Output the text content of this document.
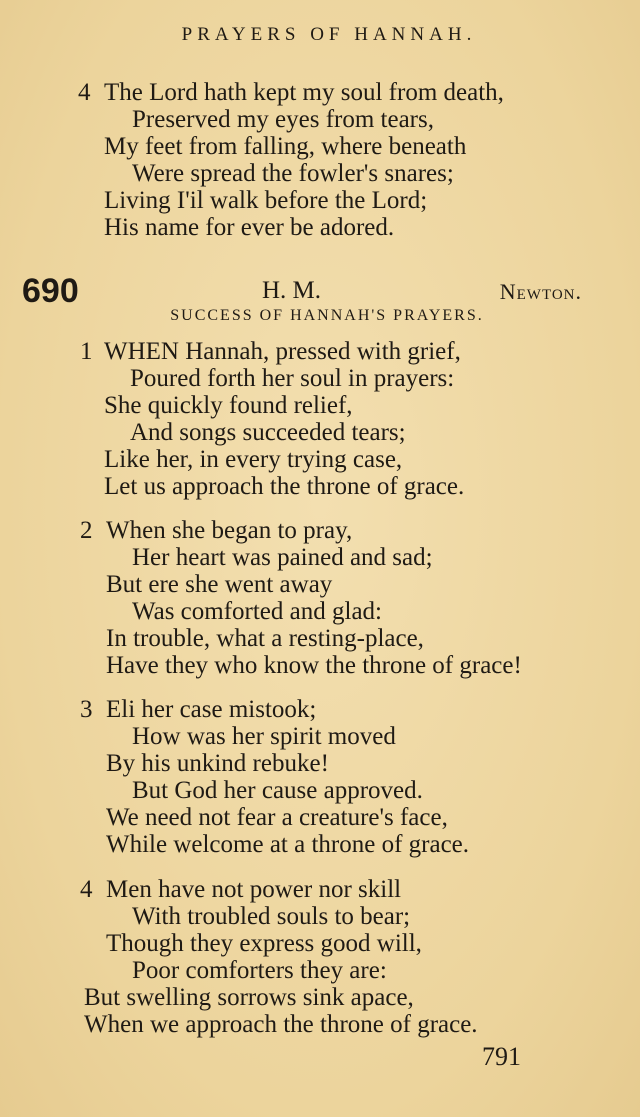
PRAYERS OF HANNAH.
4 The Lord hath kept my soul from death,
Preserved my eyes from tears,
My feet from falling, where beneath
Were spread the fowler's snares;
Living I'il walk before the Lord;
His name for ever be adored.
690	H. M.	Newton.
SUCCESS OF HANNAH'S PRAYERS.
1 WHEN Hannah, pressed with grief,
Poured forth her soul in prayers:
She quickly found relief,
And songs succeeded tears;
Like her, in every trying case,
Let us approach the throne of grace.
2 When she began to pray,
Her heart was pained and sad;
But ere she went away
Was comforted and glad:
In trouble, what a resting-place,
Have they who know the throne of grace!
3 Eli her case mistook;
How was her spirit moved
By his unkind rebuke!
But God her cause approved.
We need not fear a creature's face,
While welcome at a throne of grace.
4 Men have not power nor skill
With troubled souls to bear;
Though they express good will,
Poor comforters they are:
But swelling sorrows sink apace,
When we approach the throne of grace.
791
